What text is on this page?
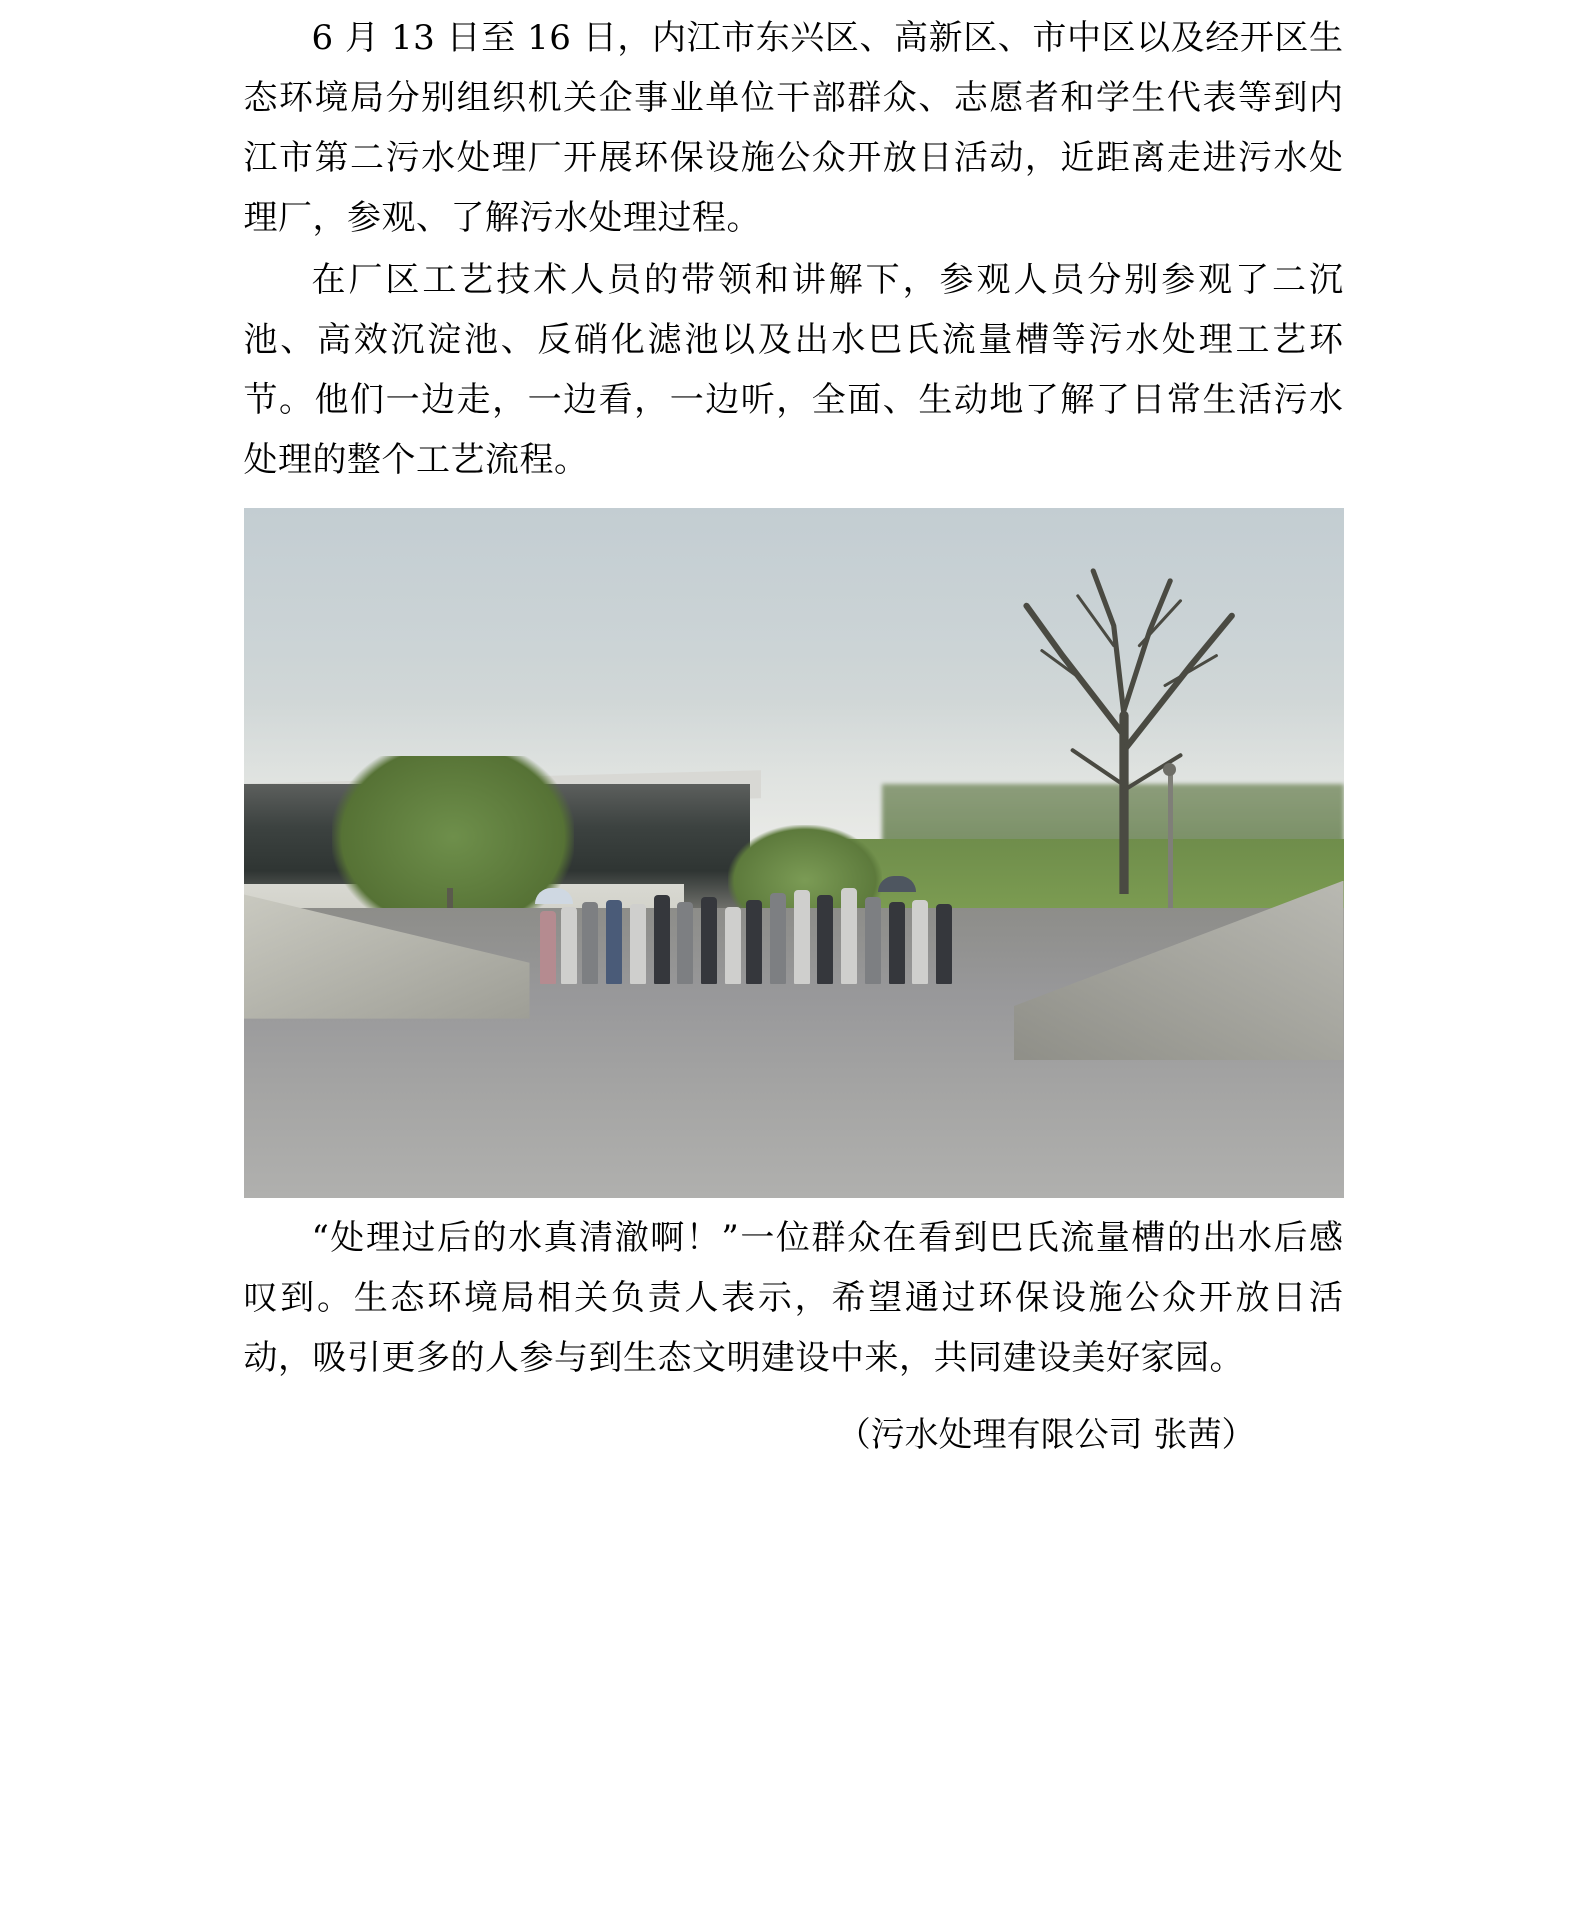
6 月 13 日至 16 日，内江市东兴区、高新区、市中区以及经开区生态环境局分别组织机关企事业单位干部群众、志愿者和学生代表等到内江市第二污水处理厂开展环保设施公众开放日活动，近距离走进污水处理厂，参观、了解污水处理过程。

在厂区工艺技术人员的带领和讲解下，参观人员分别参观了二沉池、高效沉淀池、反硝化滤池以及出水巴氏流量槽等污水处理工艺环节。他们一边走，一边看，一边听，全面、生动地了解了日常生活污水处理的整个工艺流程。

“处理过后的水真清澈啊！”一位群众在看到巴氏流量槽的出水后感叹到。生态环境局相关负责人表示，希望通过环保设施公众开放日活动，吸引更多的人参与到生态文明建设中来，共同建设美好家园。

（污水处理有限公司 张茜）
